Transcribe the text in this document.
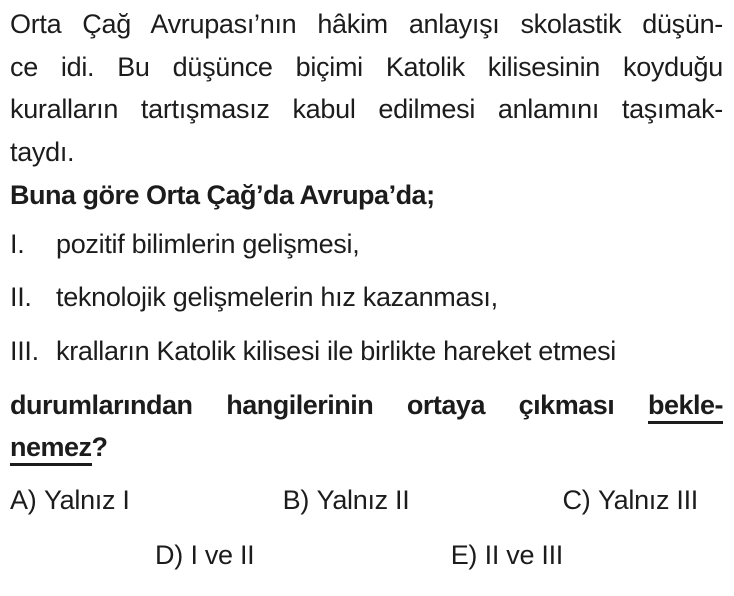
Orta Çağ Avrupası’nın hâkim anlayışı skolastik düşün-
ce idi. Bu düşünce biçimi Katolik kilisesinin koyduğu
kuralların tartışmasız kabul edilmesi anlamını taşımak-
taydı.
Buna göre Orta Çağ’da Avrupa’da;
I.	pozitif bilimlerin gelişmesi,
II. teknolojik gelişmelerin hız kazanması,
III. kralların Katolik kilisesi ile birlikte hareket etmesi
durumlarından hangilerinin ortaya çıkması bekle-
nemez?
A) Yalnız I	B) Yalnız II	C) Yalnız III
D) I ve II	E) II ve III
